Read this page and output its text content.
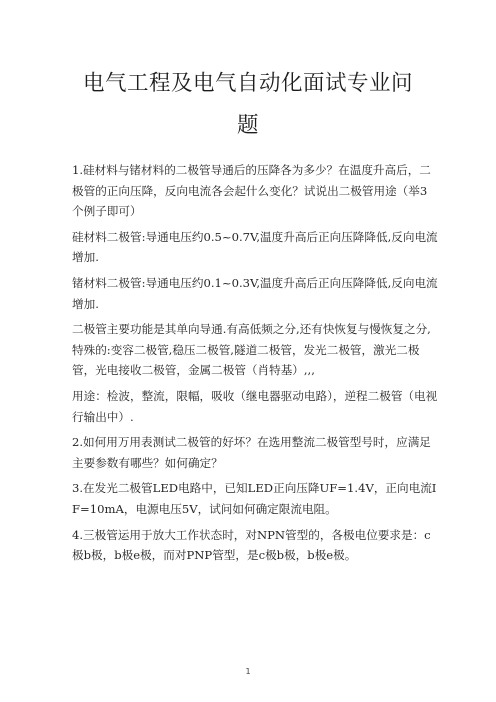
电气工程及电气自动化面试专业问
题

1.硅材料与锗材料的二极管导通后的压降各为多少？在温度升高后，二极管的正向压降，反向电流各会起什么变化？试说出二极管用途（举3个例子即可）

硅材料二极管:导通电压约0.5~0.7V,温度升高后正向压降降低,反向电流增加.

锗材料二极管:导通电压约0.1~0.3V,温度升高后正向压降降低,反向电流增加.

二极管主要功能是其单向导通.有高低频之分,还有快恢复与慢恢复之分,特殊的:变容二极管,稳压二极管,隧道二极管，发光二极管，激光二极管，光电接收二极管，金属二极管（肖特基）,,,

用途：检波，整流，限幅，吸收（继电器驱动电路），逆程二极管（电视行输出中）.

2.如何用万用表测试二极管的好坏？在选用整流二极管型号时，应满足主要参数有哪些？如何确定？

3.在发光二极管LED电路中，已知LED正向压降UF=1.4V，正向电流IF=10mA，电源电压5V，试问如何确定限流电阻。

4.三极管运用于放大工作状态时，对NPN管型的，各极电位要求是：c极b极，b极e极，而对PNP管型，是c极b极，b极e极。

1
